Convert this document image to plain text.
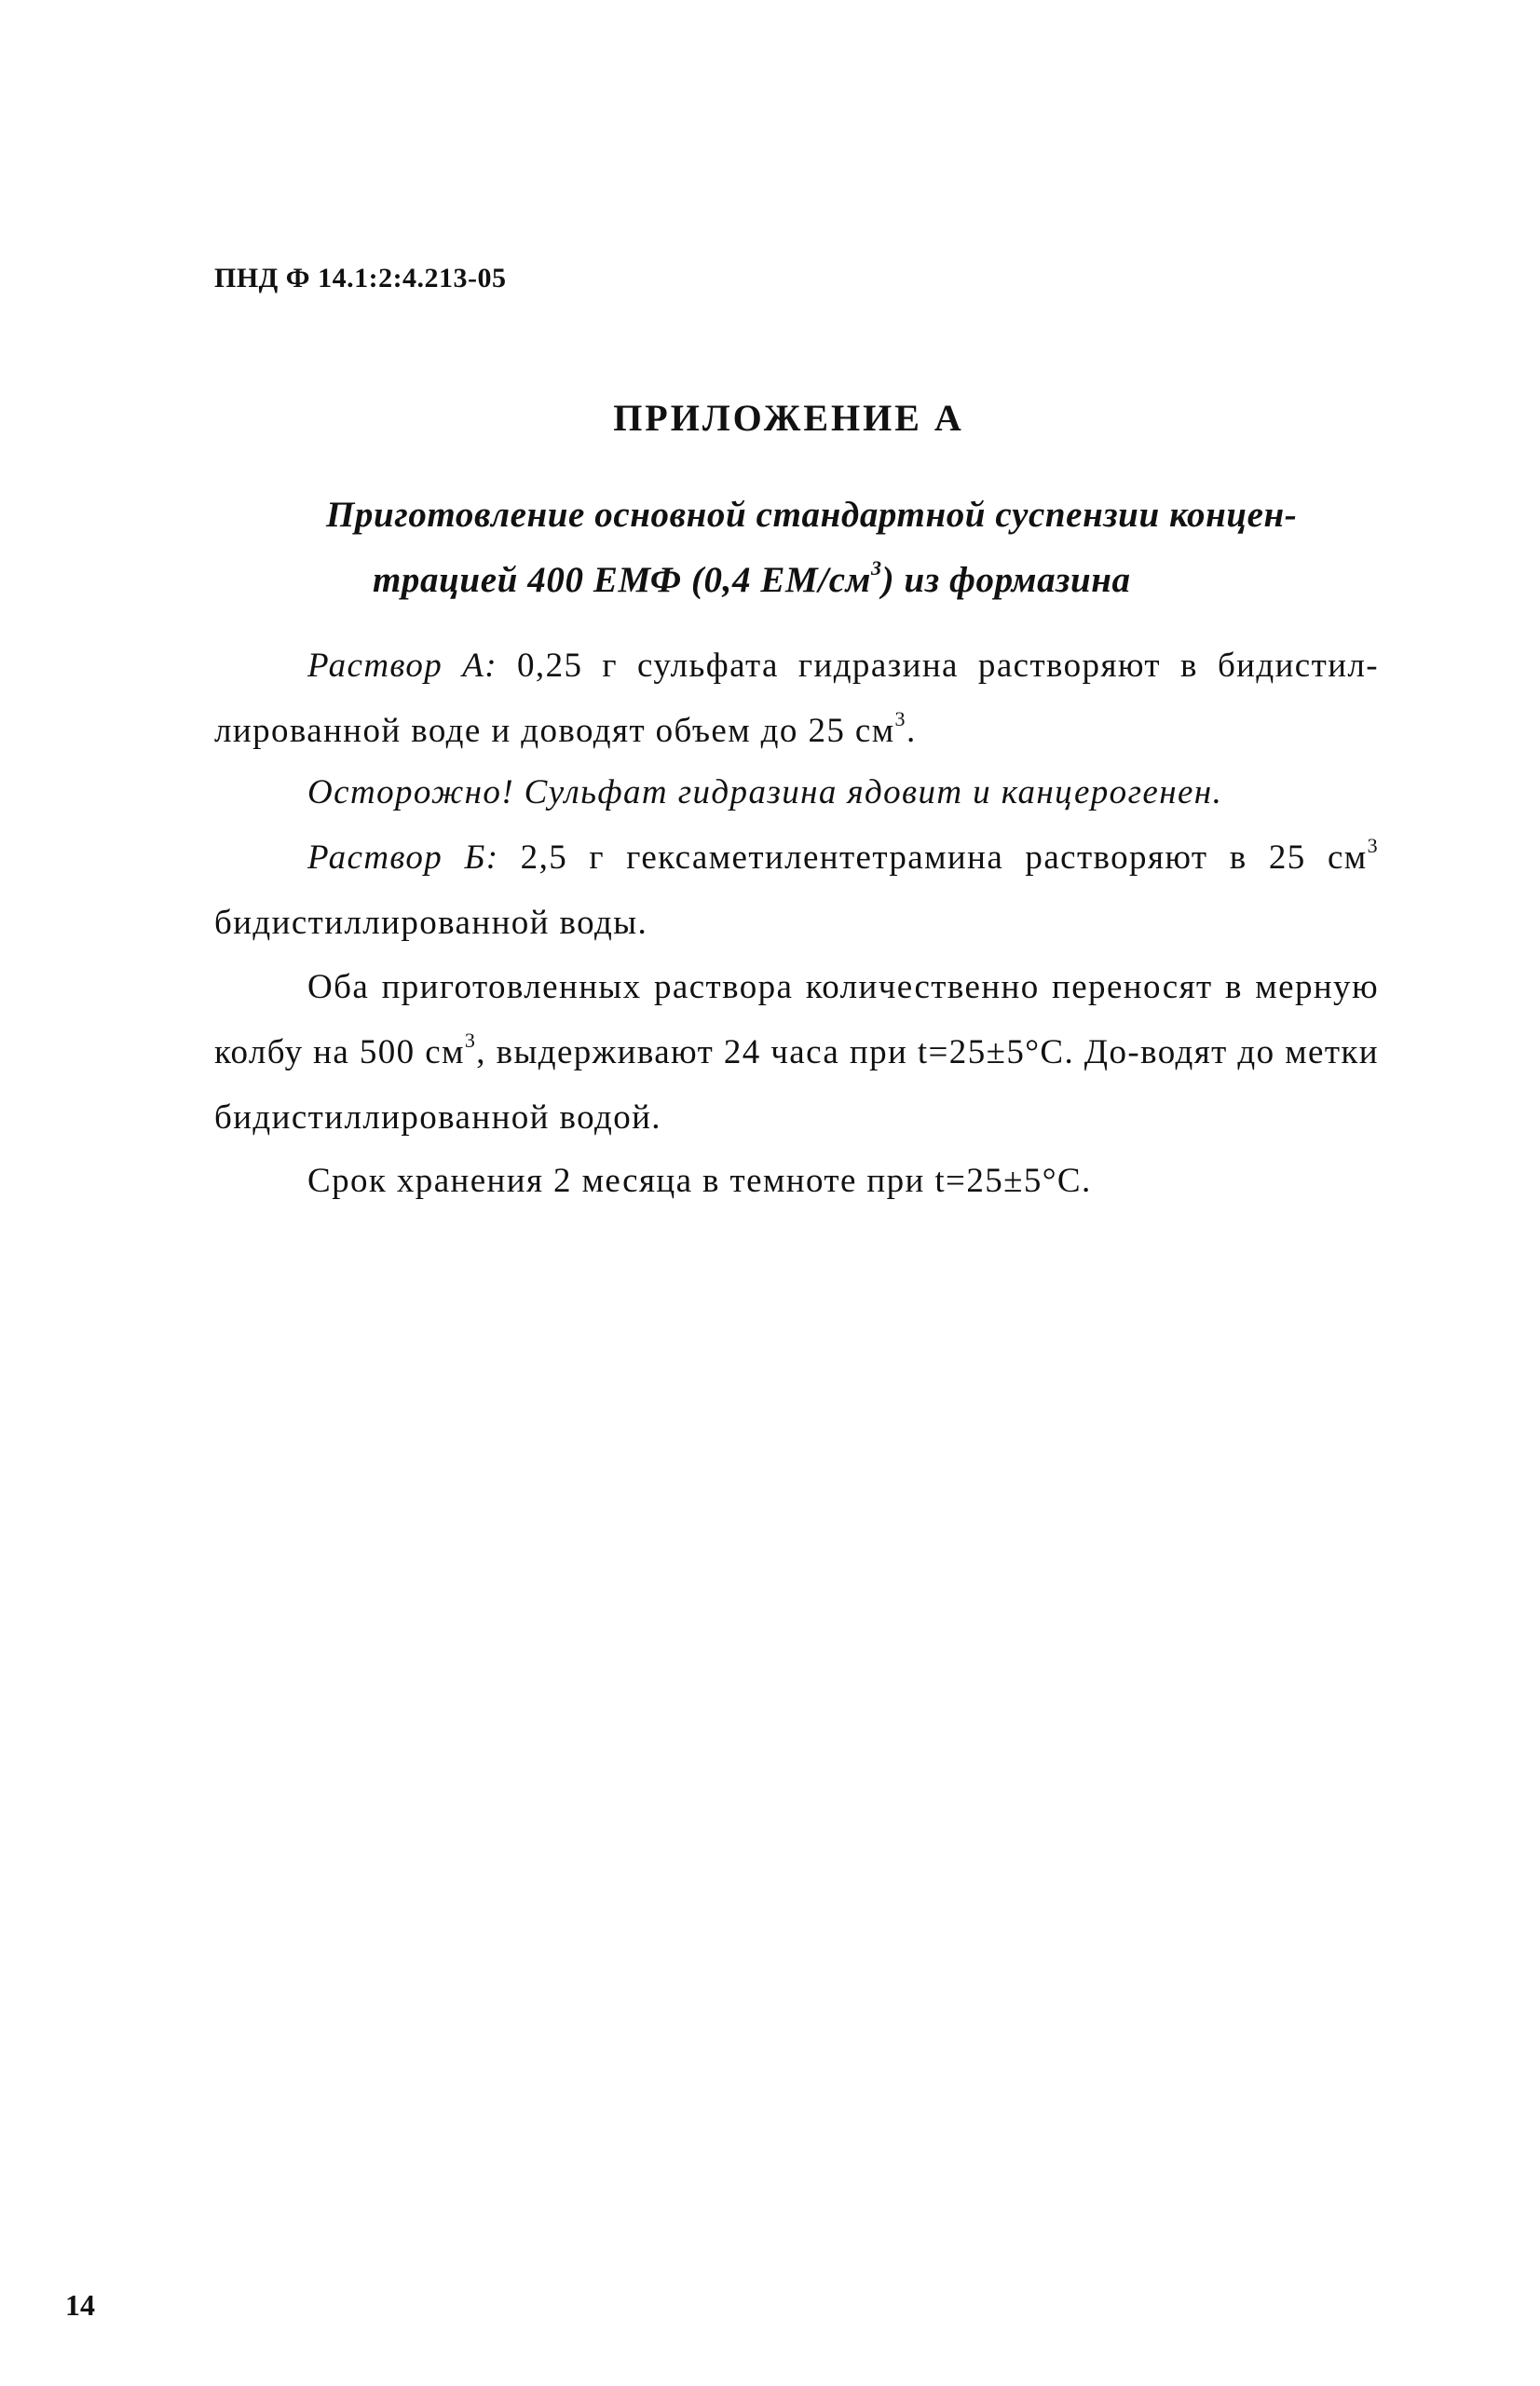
ПНД Ф 14.1:2:4.213-05
ПРИЛОЖЕНИЕ А
Приготовление основной стандартной суспензии концен-
трацией 400 ЕМФ (0,4 $ЕМ/см^3$) из формазина
Раствор А: 0,25 г сульфата гидразина растворяют в бидистил-лированной воде и доводят объем до 25 $см^3$.
Осторожно! Сульфат гидразина ядовит и канцерогенен.
Раствор Б: 2,5 г гексаметилентетрамина растворяют в 25 $см^3$ бидистиллированной воды.
Оба приготовленных раствора количественно переносят в мерную колбу на 500 $см^3$, выдерживают 24 часа при t=25±5°С. До-водят до метки бидистиллированной водой.
Срок хранения 2 месяца в темноте при t=25±5°С.
14
